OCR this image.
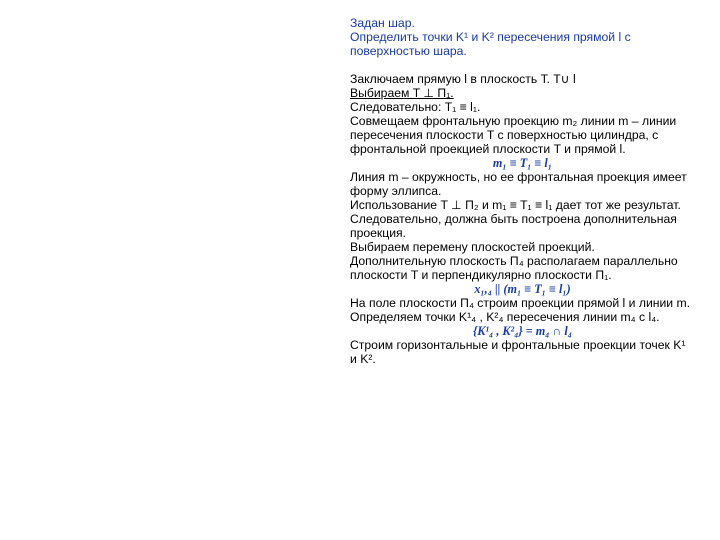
Задан шар.

Определить точки K¹ и K² пересечения прямой l с поверхностью шара.

Заключаем прямую l в плоскость T. T∪ l

Выбираем T ⊥ П₁.

Следовательно: T₁ ≡ l₁.

Совмещаем фронтальную проекцию m₂ линии m – линии пересечения плоскости T с поверхностью цилиндра, с фронтальной проекцией плоскости T и прямой l.

m₁ ≡ T₁ ≡ l₁

Линия m – окружность, но ее фронтальная проекция имеет форму эллипса.

Использование T ⊥ П₂ и m₁ ≡ T₁ ≡ l₁ дает тот же результат. Следовательно, должна быть построена дополнительная проекция.

Выбираем перемену плоскостей проекций.

Дополнительную плоскость П₄ располагаем параллельно плоскости T и перпендикулярно плоскости П₁.

x₁,₄ || (m₁ ≡ T₁ ≡ l₁)

На поле плоскости П₄ строим проекции прямой l и линии m.

Определяем точки K¹₄ , K²₄ пересечения линии m₄ с l₄.

{K¹₄ , K²₄} = m₄ ∩ l₄

Строим горизонтальные и фронтальные проекции точек K¹ и K².
